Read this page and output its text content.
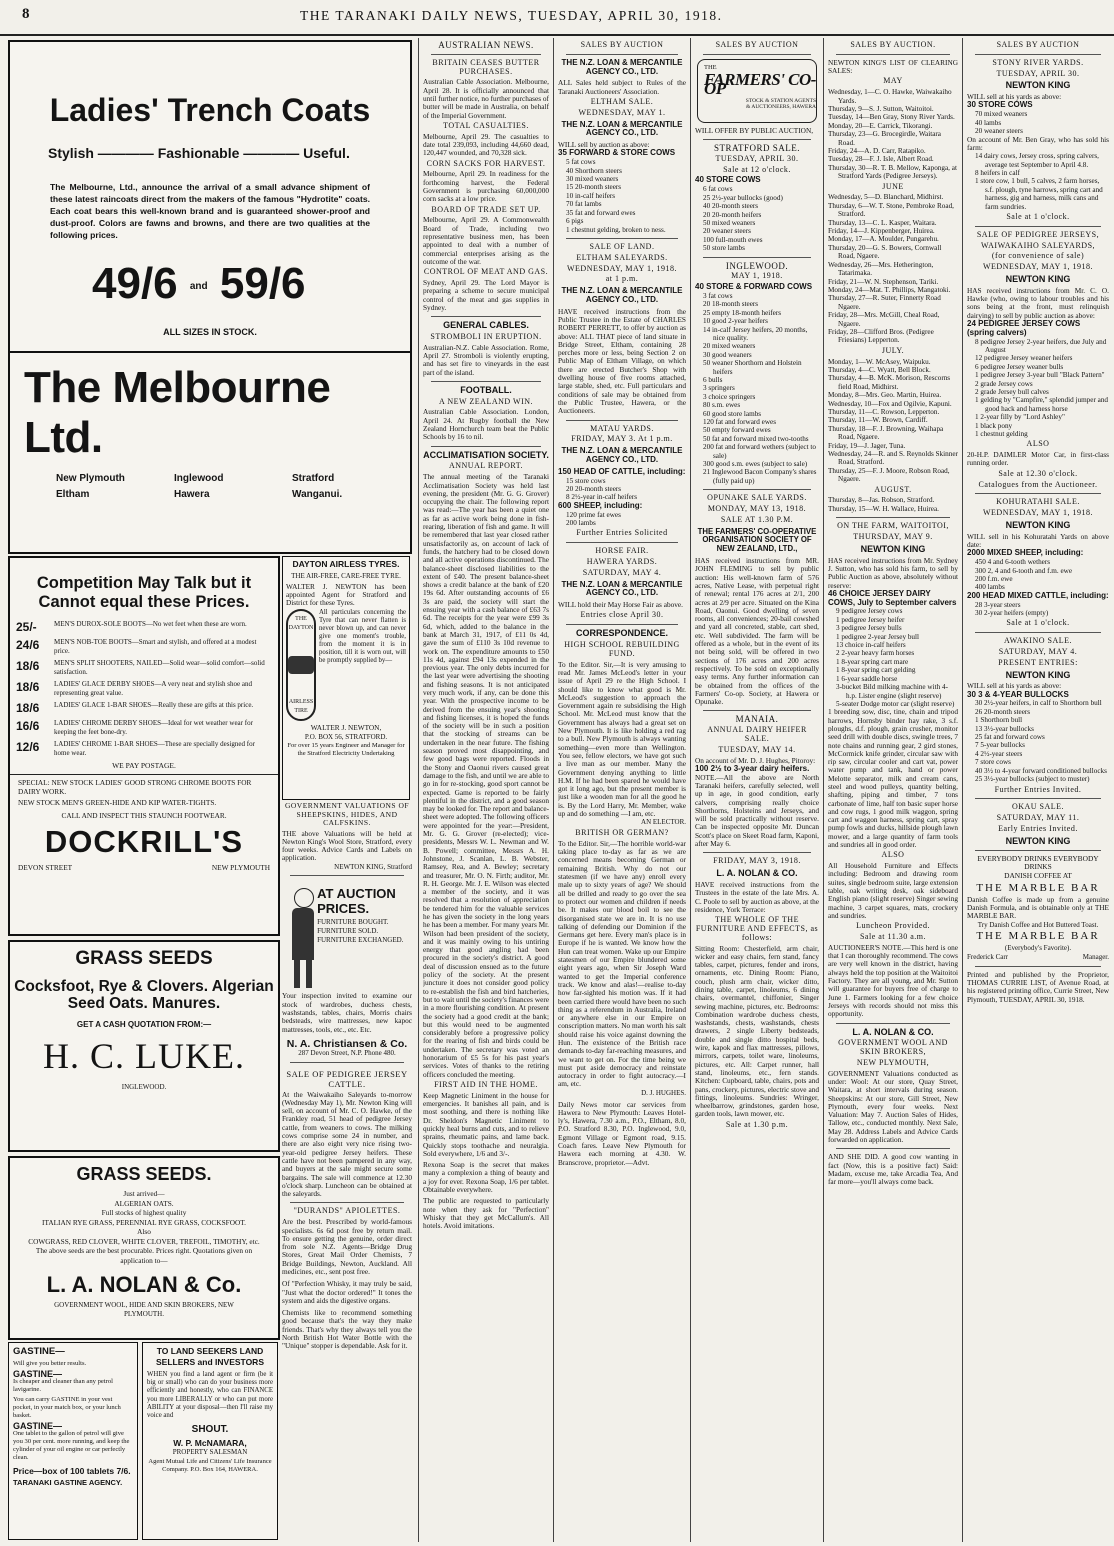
8	THE TARANAKI DAILY NEWS, TUESDAY, APRIL 30, 1918.
Ladies' Trench Coats
Stylish ———— Fashionable ———— Useful.
The Melbourne, Ltd., announce the arrival of a small advance shipment of these latest raincoats direct from the makers of the famous "Hydrotite" coats. Each coat bears this well-known brand and is guaranteed shower-proof and dust-proof. Colors are fawns and browns, and there are two qualities at the following prices.
49/6 and 59/6
ALL SIZES IN STOCK.
The Melbourne Ltd.
New Plymouth	Inglewood	Stratford
Eltham	Hawera	Wanganui.
Competition May Talk but it Cannot equal these Prices.
25/-	MEN'S DUROX-SOLE BOOTS—No wet feet when these are worn.
24/6	MEN'S NOB-TOE BOOTS—Smart and stylish, and offered at a modest price.
18/6	MEN'S SPLIT SHOOTERS, NAILED—Solid wear—solid comfort—solid satisfaction.
18/6	LADIES' GLACE DERBY SHOES—A very neat and stylish shoe and representing great value.
18/6	LADIES' GLACE 1-BAR SHOES—Really these are gifts at this price.
16/6	LADIES' CHROME DERBY SHOES—Ideal for wet weather wear for keeping the feet bone-dry.
12/6	LADIES' CHROME 1-BAR SHOES—These are specially designed for home wear.
WE PAY POSTAGE.
SPECIAL: NEW STOCK LADIES' GOOD STRONG CHROME BOOTS FOR DAIRY WORK.
NEW STOCK MEN'S GREEN-HIDE AND KIP WATER-TIGHTS.
CALL AND INSPECT THIS STAUNCH FOOTWEAR.
DOCKRILL'S
DEVON STREET	NEW PLYMOUTH
GRASS SEEDS
Cocksfoot, Rye & Clovers. Algerian Seed Oats. Manures.
GET A CASH QUOTATION FROM:—
H. C. LUKE.
INGLEWOOD.
GRASS SEEDS.
Just arrived—
ALGERIAN OATS.
Full stocks of highest quality
ITALIAN RYE GRASS, PERENNIAL RYE GRASS, COCKSFOOT.
Also
COWGRASS, RED CLOVER, WHITE CLOVER, TREFOIL, TIMOTHY, etc.
The above seeds are the best procurable. Prices right. Quotations given on application to—
L. A. NOLAN & Co.
GOVERNMENT WOOL, HIDE AND SKIN BROKERS, NEW PLYMOUTH.
GASTINE—
Will give you better results.
GASTINE—
Is cheaper and cleaner than any petrol lavigarine.
You can carry GASTINE in your vest pocket, in your match box, or your lunch basket.
GASTINE—
One tablet to the gallon of petrol will give you 30 per cent. more running, and keep the cylinder of your oil engine or car perfectly clean.
Price—box of 100 tablets 7/6.
TARANAKI GASTINE AGENCY.
TO LAND SEEKERS LAND SELLERS and INVESTORS
WHEN you find a land agent or firm (be it big or small) who can do your business more efficiently and honestly, who can FINANCE you more LIBERALLY or who can put more ABILITY at your disposal—then I'll raise my voice and
SHOUT.
W. P. McNAMARA,
PROPERTY SALESMAN
Agent Mutual Life and Citizens' Life Insurance Company. P.O. Box 164, HAWERA.
DAYTON AIRLESS TYRES.
THE AIR-FREE, CARE-FREE TYRE.
WALTER J. NEWTON has been appointed Agent for Stratford and District for these Tyres.
THE DAYTON
AIRLESS TIRE
All particulars concerning the Tyre that can never flatten is never blown up, and can never give one moment's trouble, from the moment it is in position, till it is worn out, will be promptly supplied by—
WALTER J. NEWTON,
P.O. BOX 56, STRATFORD.
For over 15 years Engineer and Manager for the Stratford Electricity Undertaking
GOVERNMENT VALUATIONS OF SHEEPSKINS, HIDES, AND CALFSKINS.
THE above Valuations will be held at Newton King's Wool Store, Stratford, every four weeks. Advice Cards and Labels on application.
NEWTON KING, Stratford
AT AUCTION PRICES.
FURNITURE BOUGHT.
FURNITURE SOLD.
FURNITURE EXCHANGED.
Your inspection invited to examine our stock of wardrobes, duchess chests, washstands, tables, chairs, Morris chairs bedsteads, wire mattresses, new kapoc mattresses, tools, etc., etc. Etc.
N. A. Christiansen & Co.
287 Devon Street, N.P. Phone 480.
SALE OF PEDIGREE JERSEY CATTLE.
At the Waiwakaiho Saleyards to-morrow (Wednesday May 1), Mr. Newton King will sell, on account of Mr. C. O. Hawke, of the Frankley road, 51 head of pedigree Jersey cattle, from weaners to cows. The milking cows comprise some 24 in number, and there are also eight very nice rising two-year-old pedigree Jersey heifers. These cattle have not been pampered in any way, and buyers at the sale might secure some bargains. The sale will commence at 12.30 o'clock sharp. Luncheon can be obtained at the saleyards.
"DURANDS" APIOLETTES.
Are the best. Prescribed by world-famous specialists. 6s 6d post free by return mail. To ensure getting the genuine, order direct from sole N.Z. Agents—Bridge Drug Stores, Great Mail Order Chemists, 7 Bridge Buildings, Newton, Auckland. All medicines, etc., sent post free.
Of "Perfection Whisky, it may truly be said, "Just what the doctor ordered!" It tones the system and aids the digestive organs.
Chemists like to recommend something good because that's the way they make friends. That's why they always tell you the North British Hot Water Bottle with the "Unique" stopper is dependable. Ask for it.
AUSTRALIAN NEWS.
BRITAIN CEASES BUTTER PURCHASES.
Australian Cable Association. Melbourne, April 28. It is officially announced that until further notice, no further purchases of butter will be made in Australia, on behalf of the Imperial Government.
TOTAL CASUALTIES.
Melbourne, April 29. The casualties to date total 239,093, including 44,660 dead, 120,447 wounded, and 70,328 sick.
CORN SACKS FOR HARVEST.
Melbourne, April 29. In readiness for the forthcoming harvest, the Federal Government is purchasing 60,000,000 corn sacks at a low price.
BOARD OF TRADE SET UP.
Melbourne, April 29. A Commonwealth Board of Trade, including two representative business men, has been appointed to deal with a number of commercial enterprises arising as the outcome of the war.
CONTROL OF MEAT AND GAS.
Sydney, April 29. The Lord Mayor is preparing a scheme to secure municipal control of the meat and gas supplies in Sydney.
GENERAL CABLES.
STROMBOLI IN ERUPTION.
Australian-N.Z. Cable Association. Rome, April 27. Stromboli is violently erupting, and has set fire to vineyards in the east part of the island.
FOOTBALL.
A NEW ZEALAND WIN.
Australian Cable Association. London, April 24. At Rugby football the New Zealand Hornchurch team beat the Public Schools by 16 to nil.
ACCLIMATISATION SOCIETY.
ANNUAL REPORT.
The annual meeting of the Taranaki Acclimatisation Society was held last evening, the president (Mr. G. G. Grover) occupying the chair. The following report was read:—The year has been a quiet one as far as active work being done in fish-rearing, liberation of fish and game. It will be remembered that last year closed rather unsatisfactorily as, on account of lack of funds, the hatchery had to be closed down and all active operations discontinued. The balance-sheet disclosed liabilities to the extent of £40. The present balance-sheet shows a credit balance at the bank of £20 19s 6d. After outstanding accounts of £6 3s are paid, the society will start the ensuing year with a cash balance of £63 7s 6d. The receipts for the year were £99 3s 6d, which, added to the balance in the bank at March 31, 1917, of £11 0s 4d, gave the sum of £110 3s 10d revenue to work on. The expenditure amounts to £50 11s 4d, against £94 13s expended in the previous year. The only debts incurred for the last year were advertising the shooting and fishing seasons. It is not anticipated very much work, if any, can be done this year. With the prospective income to be derived from the ensuing year's shooting and fishing licenses, it is hoped the funds of the society will be in such a position that the stocking of streams can be undertaken in the near future. The fishing season proved most disappointing, and few good bags were reported. Floods in the Stony and Oaonui rivers caused great damage to the fish, and until we are able to go in for re-stocking, good sport cannot be expected. Game is reported to be fairly plentiful in the district, and a good season may be looked for. The report and balance-sheet were adopted. The following officers were appointed for the year:—President, Mr. G. G. Grover (re-elected); vice-presidents, Messrs W. L. Newman and W. B. Powell; committee, Messrs A. H. Johnstone, J. Scanlan, L. B. Webster, Ramsey, Rea, and A. Bewley; secretary and treasurer, Mr. O. N. Firth; auditor, Mr. R. H. George. Mr. J. E. Wilson was elected a member of the society, and it was resolved that a resolution of appreciation be tendered him for the valuable services he has given the society in the long years he has been a member. For many years Mr. Wilson had been president of the society, and it was mainly owing to his untiring energy that good angling had been procured in the society's district. A good deal of discussion ensued as to the future policy of the society. At the present juncture it does not consider good policy to re-establish the fish and bird hatcheries, but to wait until the society's finances were in a more flourishing condition. At present the society had a good credit at the bank; but this would need to be augmented considerably before a progressive policy for the rearing of fish and birds could be undertaken. The secretary was voted an honorarium of £5 5s for his past year's services. Votes of thanks to the retiring officers concluded the meeting.
FIRST AID IN THE HOME.
Keep Magnetic Liniment in the house for emergencies. It banishes all pain, and is most soothing, and there is nothing like Dr. Sheldon's Magnetic Liniment to quickly heal burns and cuts, and to relieve sprains, rheumatic pains, and lame back. Quickly stops toothache and neuralgia. Sold everywhere, 1/6 and 3/-.
Rexona Soap is the secret that makes many a complexion a thing of beauty and a joy for ever. Rexona Soap, 1/6 per tablet. Obtainable everywhere.
The public are requested to particularly note when they ask for "Perfection" Whisky that they get McCallum's. All hotels. Avoid imitations.
SALES BY AUCTION
THE N.Z. LOAN & MERCANTILE AGENCY CO., LTD.
ALL Sales held subject to Rules of the Taranaki Auctioneers' Association.
ELTHAM SALE.
WEDNESDAY, MAY 1.
THE N.Z. LOAN & MERCANTILE AGENCY CO., LTD.
WILL sell by auction as above:
35 FORWARD & STORE COWS
5 fat cows
40 Shorthorn steers
30 mixed weaners
15 20-month steers
10 in-calf heifers
70 fat lambs
35 fat and forward ewes
6 pigs
1 chestnut gelding, broken to ness.
SALE OF LAND.
ELTHAM SALEYARDS.
WEDNESDAY, MAY 1, 1918.
at 1 p.m.
THE N.Z. LOAN & MERCANTILE AGENCY CO., LTD.
HAVE received instructions from the Public Trustee in the Estate of CHARLES ROBERT PERRETT, to offer by auction as above: ALL THAT piece of land situate in Bridge Street, Eltham, containing 28 perches more or less, being Section 2 on Public Map of Eltham Village, on which there are erected Butcher's Shop with dwelling house of five rooms attached, large stable, shed, etc. Full particulars and conditions of sale may be obtained from the Public Trustee, Hawera, or the Auctioneers.
MATAU YARDS.
FRIDAY, MAY 3. At 1 p.m.
THE N.Z. LOAN & MERCANTILE AGENCY CO., LTD.
150 HEAD OF CATTLE, including:
15 store cows
20 20-month steers
8 2½-year in-calf heifers
600 SHEEP, including:
120 prime fat ewes
200 lambs
Further Entries Solicited
HORSE FAIR.
HAWERA YARDS.
SATURDAY, MAY 4.
THE N.Z. LOAN & MERCANTILE AGENCY CO., LTD.
WILL hold their May Horse Fair as above.
Entries close April 30.
CORRESPONDENCE.
HIGH SCHOOL REBUILDING FUND.
To the Editor. Sir,—It is very amusing to read Mr. James McLeod's letter in your issue of April 29 re the High School. I should like to know what good is Mr. McLeod's suggestion to approach the Government again re subsidising the High School. Mr. McLeod must know that the Government has always had a great set on New Plymouth. It is like holding a red rag to a bull. New Plymouth is always wanting something—even more than Wellington. You see, fellow electors, we have got such a live man as our member. Many the Government denying anything to little H.M. If he had been spared he would have got it long ago, but the present member is just like a wooden man for all the good he is. By the Lord Harry, Mr. Member, wake up and do something —I am, etc.
AN ELECTOR.
BRITISH OR GERMAN?
To the Editor. Sir,—The horrible world-war taking place to-day as far as we are concerned means becoming German or remaining British. Why do not our statesmen (if we have any) enroll every male up to sixty years of age? We should all be drilled and ready to go over the sea to protect our women and children if needs be. It makes our blood boil to see the disorganised state we are in. It is no use talking of defending our Dominion if the Germans get here. Every man's place is in Europe if he is wanted. We know how the Hun can treat women. Wake up our Empire statesmen of our Empire blundered some eight years ago, when Sir Joseph Ward wanted to get the Imperial conference track. We know and alas!—realise to-day how far-sighted his motion was. If it had been carried there would have been no such thing as a referendum in Australia, Ireland or anywhere else in our Empire on conscription matters. No man worth his salt should raise his voice against downing the Hun. The existence of the British race demands to-day far-reaching measures, and we want to get on. For the time being we must put aside democracy and reinstate autocracy in order to fight autocracy.—I am, etc.
D. J. HUGHES.
Daily News motor car services from Hawera to New Plymouth: Leaves Hotel-ly's, Hawera, 7.30 a.m., P.O., Eltham, 8.0, P.O. Stratford 8.30, P.O. Inglewood, 9.0, Egmont Village or Egmont road, 9.15. Coach fares. Leave New Plymouth for Hawera each morning at 4.30. W. Branscrove, proprietor.—Advt.
SALES BY AUCTION
THE
FARMERS' CO-OP
STOCK & STATION AGENTS & AUCTIONEERS, HAWERA
WILL OFFER BY PUBLIC AUCTION,
STRATFORD SALE.
TUESDAY, APRIL 30.
Sale at 12 o'clock.
40 STORE COWS
6 fat cows
25 2½-year bullocks (good)
40 20-month steers
20 20-month heifers
50 mixed weaners
20 weaner steers
100 full-mouth ewes
50 store lambs
INGLEWOOD.
MAY 1, 1918.
40 STORE & FORWARD COWS
3 fat cows
20 18-month steers
25 empty 18-month heifers
10 good 2-year heifers
14 in-calf Jersey heifers, 20 months, nice quality.
20 mixed weaners
30 good weaners
50 weaner Shorthorn and Holstein heifers
6 bulls
3 springers
3 choice springers
80 s.m. ewes
60 good store lambs
120 fat and forward ewes
50 empty forward ewes
50 fat and forward mixed two-tooths
200 fat and forward wethers (subject to sale)
300 good s.m. ewes (subject to sale)
21 Inglewood Bacon Company's shares (fully paid up)
OPUNAKE SALE YARDS.
MONDAY, MAY 13, 1918.
SALE AT 1.30 P.M.
THE FARMERS' CO-OPERATIVE ORGANISATION SOCIETY OF NEW ZEALAND, LTD.,
HAS received instructions from MR. JOHN FLEMING to sell by public auction: His well-known farm of 576 acres, Native Lease, with perpetual right of renewal; rental 176 acres at 2/1, 200 acres at 2/9 per acre. Situated on the Kina Road, Oaonui. Good dwelling of seven rooms, all conveniences; 20-bail cowshed and yard all concreted, stable, cart shed, etc. Well subdivided. The farm will be offered as a whole, but in the event of its not being sold, will be offered in two sections of 176 acres and 200 acres respectively. To be sold on exceptionally easy terms. Any further information can be obtained from the offices of the Farmers' Co-op. Society, at Hawera or Opunake.
MANAIA.
ANNUAL DAIRY HEIFER SALE.
TUESDAY, MAY 14.
On account of Mr. D. J. Hughes, Pitoroy:
100 2½ to 3-year dairy heifers.
NOTE.—All the above are North Taranaki heifers, carefully selected, well up in age, in good condition, early calvers, comprising really choice Shorthorns, Holsteins and Jerseys, and will be sold practically without reserve. Can be inspected opposite Mr. Duncan Scott's place on Skeet Road farm, Kaponi, after May 6.
FRIDAY, MAY 3, 1918.
L. A. NOLAN & CO.
HAVE received instructions from the Trustees in the estate of the late Mrs. A. C. Poole to sell by auction as above, at the residence, York Terrace:
THE WHOLE OF THE FURNITURE AND EFFECTS, as follows:
Sitting Room: Chesterfield, arm chair, wicker and easy chairs, fern stand, fancy tables, carpet, pictures, fender and irons, ornaments, etc. Dining Room: Piano, couch, plush arm chair, wicker ditto, dining table, carpet, linoleums, 6 dining chairs, overmantel, chiffonier, Singer sewing machine, pictures, etc. Bedrooms: Combination wardrobe duchess chests, washstands, chests, washstands, chests drawers, 2 single Liberty bedsteads, double and single ditto hospital beds, wire, kapok and flax mattresses, pillows, mirrors, carpets, toilet ware, linoleums, pictures, etc. All: Carpet runner, hall stand, linoleums, etc., fern stands. Kitchen: Cupboard, table, chairs, pots and pans, crockery, pictures, electric stove and fittings, linoleums. Sundries: Wringer, wheelbarrow, grindstones, garden hose, garden tools, lawn mower, etc.
Sale at 1.30 p.m.
SALES BY AUCTION.
NEWTON KING'S LIST OF CLEARING SALES:
MAY
Wednesday, 1—C. O. Hawke, Waiwakaiho Yards.
Thursday, 9—S. J. Sutton, Waitoitoi.
Tuesday, 14—Ben Gray, Stony River Yards.
Monday, 20—E. Carrick, Tikorangi.
Thursday, 23—G. Brocegirdle, Waitara Road.
Friday, 24—A. D. Carr, Ratapiko.
Tuesday, 28—F. J. Isle, Albert Road.
Thursday, 30—R. T. B. Mellow, Kaponga, at Stratford Yards (Pedigree Jerseys).
JUNE
Wednesday, 5—D. Blanchard, Midhirst.
Thursday, 6—W. T. Stone, Pembroke Road, Stratford.
Thursday, 13—C. L. Kasper, Waitara.
Friday, 14—J. Kippenberger, Huirea.
Monday, 17—A. Moulder, Pungarehu.
Thursday, 20—G. S. Bowers, Cornwall Road, Ngaere.
Wednesday, 26—Mrs. Hetherington, Tatarimaka.
Friday, 21—W. N. Stephenson, Tariki.
Monday, 24—Mat. T. Phillips, Mangatoki.
Thursday, 27—R. Suter, Finnerty Road Ngaere.
Friday, 28—Mrs. McGill, Cheal Road, Ngaere.
Friday, 28—Clifford Bros. (Pedigree Friesians) Lepperton.
JULY.
Monday, 1—W. McAsey, Waipuku.
Thursday, 4—C. Wyatt, Bell Block.
Thursday, 4—B. McK. Morison, Rescorns field Road, Midhirst.
Monday, 8—Mrs. Geo. Martin, Huirea.
Wednesday, 10—Fox and Ogilvie, Kapuni.
Thursday, 11—C. Rowson, Lepperton.
Thursday, 11—W. Brown, Cardiff.
Thursday, 18—F. J. Browning, Waihapa Road, Ngaere.
Friday, 19—J. Jager, Tuna.
Wednesday, 24—R. and S. Reynolds Skinner Road, Stratford.
Thursday, 25—F. J. Moore, Robson Road, Ngaere.
AUGUST.
Thursday, 8—Jas. Robson, Stratford.
Thursday, 15—W. H. Wallace, Huirea.
ON THE FARM, WAITOITOI,
THURSDAY, MAY 9.
NEWTON KING
HAS received instructions from Mr. Sydney J. Sutton, who has sold his farm, to sell by Public Auction as above, absolutely without reserve:
46 CHOICE JERSEY DAIRY COWS, July to September calvers
9 pedigree Jersey cows
1 pedigree Jersey heifer
3 pedigree Jersey bulls
1 pedigree 2-year Jersey bull
13 choice in-calf heifers
2 2-year heavy farm horses
1 8-year spring cart mare
1 8-year spring cart gelding
1 6-year saddle horse
3-bucket Bild milking machine with 4-h.p. Lister engine (slight reserve)
5-seater Dodge motor car (slight reserve)
1 breeding sow, disc, tine, chain and tripod harrows, Hornsby binder hay rake, 3 s.f. ploughs, d.f. plough, grain crusher, monitor seed drill with double discs, swingle trees, 7 note chains and running gear, 2 gird stones, McCormick knife grinder, circular saw with rip saw, circular cooler and cart vat, power water pump and tank, hand or power Melotte separator, milk and cream cans, steel and wood pulleys, quantity belting, shafting, piping and timber, 7 tons carbonate of lime, half ton basic super horse and cow rugs, 1 good milk waggon, spring cart and waggon harness, spring cart, spray pump fowls and ducks, hillside plough lawn mower, and a large quantity of farm tools and sundries all in good order.
ALSO
All Household Furniture and Effects including: Bedroom and drawing room suites, single bedroom suite, large extension table, oak writing desk, oak sideboard English piano (slight reserve) Singer sewing machine, 3 carpet squares, mats, crockery and sundries.
Luncheon Provided.
Sale at 11.30 a.m.
AUCTIONEER'S NOTE.—This herd is one that I can thoroughly recommend. The cows are very well known in the district, having always held the top position at the Waitoitoi Factory. They are all young, and Mr. Sutton will guarantee for buyers free of charge to June 1. Farmers looking for a few choice Jerseys with records should not miss this opportunity.
L. A. NOLAN & CO.
GOVERNMENT WOOL AND SKIN BROKERS,
NEW PLYMOUTH,
GOVERNMENT Valuations conducted as under: Wool: At our store, Quay Street, Waitara, at short intervals during season. Sheepskins: At our store, Gill Street, New Plymouth, every four weeks. Next Valuation: May 7. Auction Sales of Hides, Tallow, etc., conducted monthly. Next Sale, May 28. Address Labels and Advice Cards forwarded on application.
AND SHE DID. A good cow wanting in fact (Now, this is a positive fact) Said: Madam, excuse me, take Arcadia Tea, And far more—you'll always come back.
SALES BY AUCTION
STONY RIVER YARDS.
TUESDAY, APRIL 30.
NEWTON KING
WILL sell at his yards as above:
30 STORE COWS
70 mixed weaners
40 lambs
20 weaner steers
On account of Mr. Ben Gray, who has sold his farm:
14 dairy cows, Jersey cross, spring calvers, average test September to April 4.8.
8 heifers in calf
1 store cow, 1 bull, 5 calves, 2 farm horses, s.f. plough, tyne harrows, spring cart and harness, gig and harness, milk cans and farm sundries.
Sale at 1 o'clock.
SALE OF PEDIGREE JERSEYS,
WAIWAKAIHO SALEYARDS,
(for convenience of sale)
WEDNESDAY, MAY 1, 1918.
NEWTON KING
HAS received instructions from Mr. C. O. Hawke (who, owing to labour troubles and his sons being at the front, must relinquish dairying) to sell by public auction as above:
24 PEDIGREE JERSEY COWS (spring calvers)
8 pedigree Jersey 2-year heifers, due July and August
12 pedigree Jersey weaner heifers
6 pedigree Jersey weaner bulls
1 pedigree Jersey 3-year bull "Black Pattern"
2 grade Jersey cows
2 grade Jersey bull calves
1 gelding by "Campfire," splendid jumper and good hack and harness horse
1 2-year filly by "Lord Ashley"
1 black pony
1 chestnut gelding
ALSO
20-H.P. DAIMLER Motor Car, in first-class running order.
Sale at 12.30 o'clock.
Catalogues from the Auctioneer.
KOHURATAHI SALE.
WEDNESDAY, MAY 1, 1918.
NEWTON KING
WILL sell in his Kohuratahi Yards on above date:
2000 MIXED SHEEP, including:
450 4 and 6-tooth wethers
300 2, 4 and 6-tooth and f.m. ewe
200 f.m. ewe
400 lambs
200 HEAD MIXED CATTLE, including:
28 3-year steers
30 2-year heifers (empty)
Sale at 1 o'clock.
AWAKINO SALE.
SATURDAY, MAY 4.
PRESENT ENTRIES:
NEWTON KING
WILL sell at his yards as above:
30 3 & 4-YEAR BULLOCKS
30 2½-year heifers, in calf to Shorthorn bull
26 20-month steers
1 Shorthorn bull
13 3½-year bullocks
25 fat and forward cows
7 5-year bullocks
4 2½-year steers
7 store cows
40 3½ to 4-year forward conditioned bullocks
25 3½-year bullocks (subject to muster)
Further Entries Invited.
OKAU SALE.
SATURDAY, MAY 11.
Early Entries Invited.
NEWTON KING
EVERYBODY DRINKS EVERYBODY DRINKS
DANISH COFFEE AT
THE MARBLE BAR
Danish Coffee is made up from a genuine Danish Formula, and is obtainable only at THE MARBLE BAR.
Try Danish Coffee and Hot Buttered Toast.
THE MARBLE BAR
(Everybody's Favorite).
Frederick Carr	Manager.
Printed and published by the Proprietor, THOMAS CURRIE LIST, of Avenue Road, at his registered printing office, Currie Street, New Plymouth, TUESDAY, APRIL 30, 1918.
